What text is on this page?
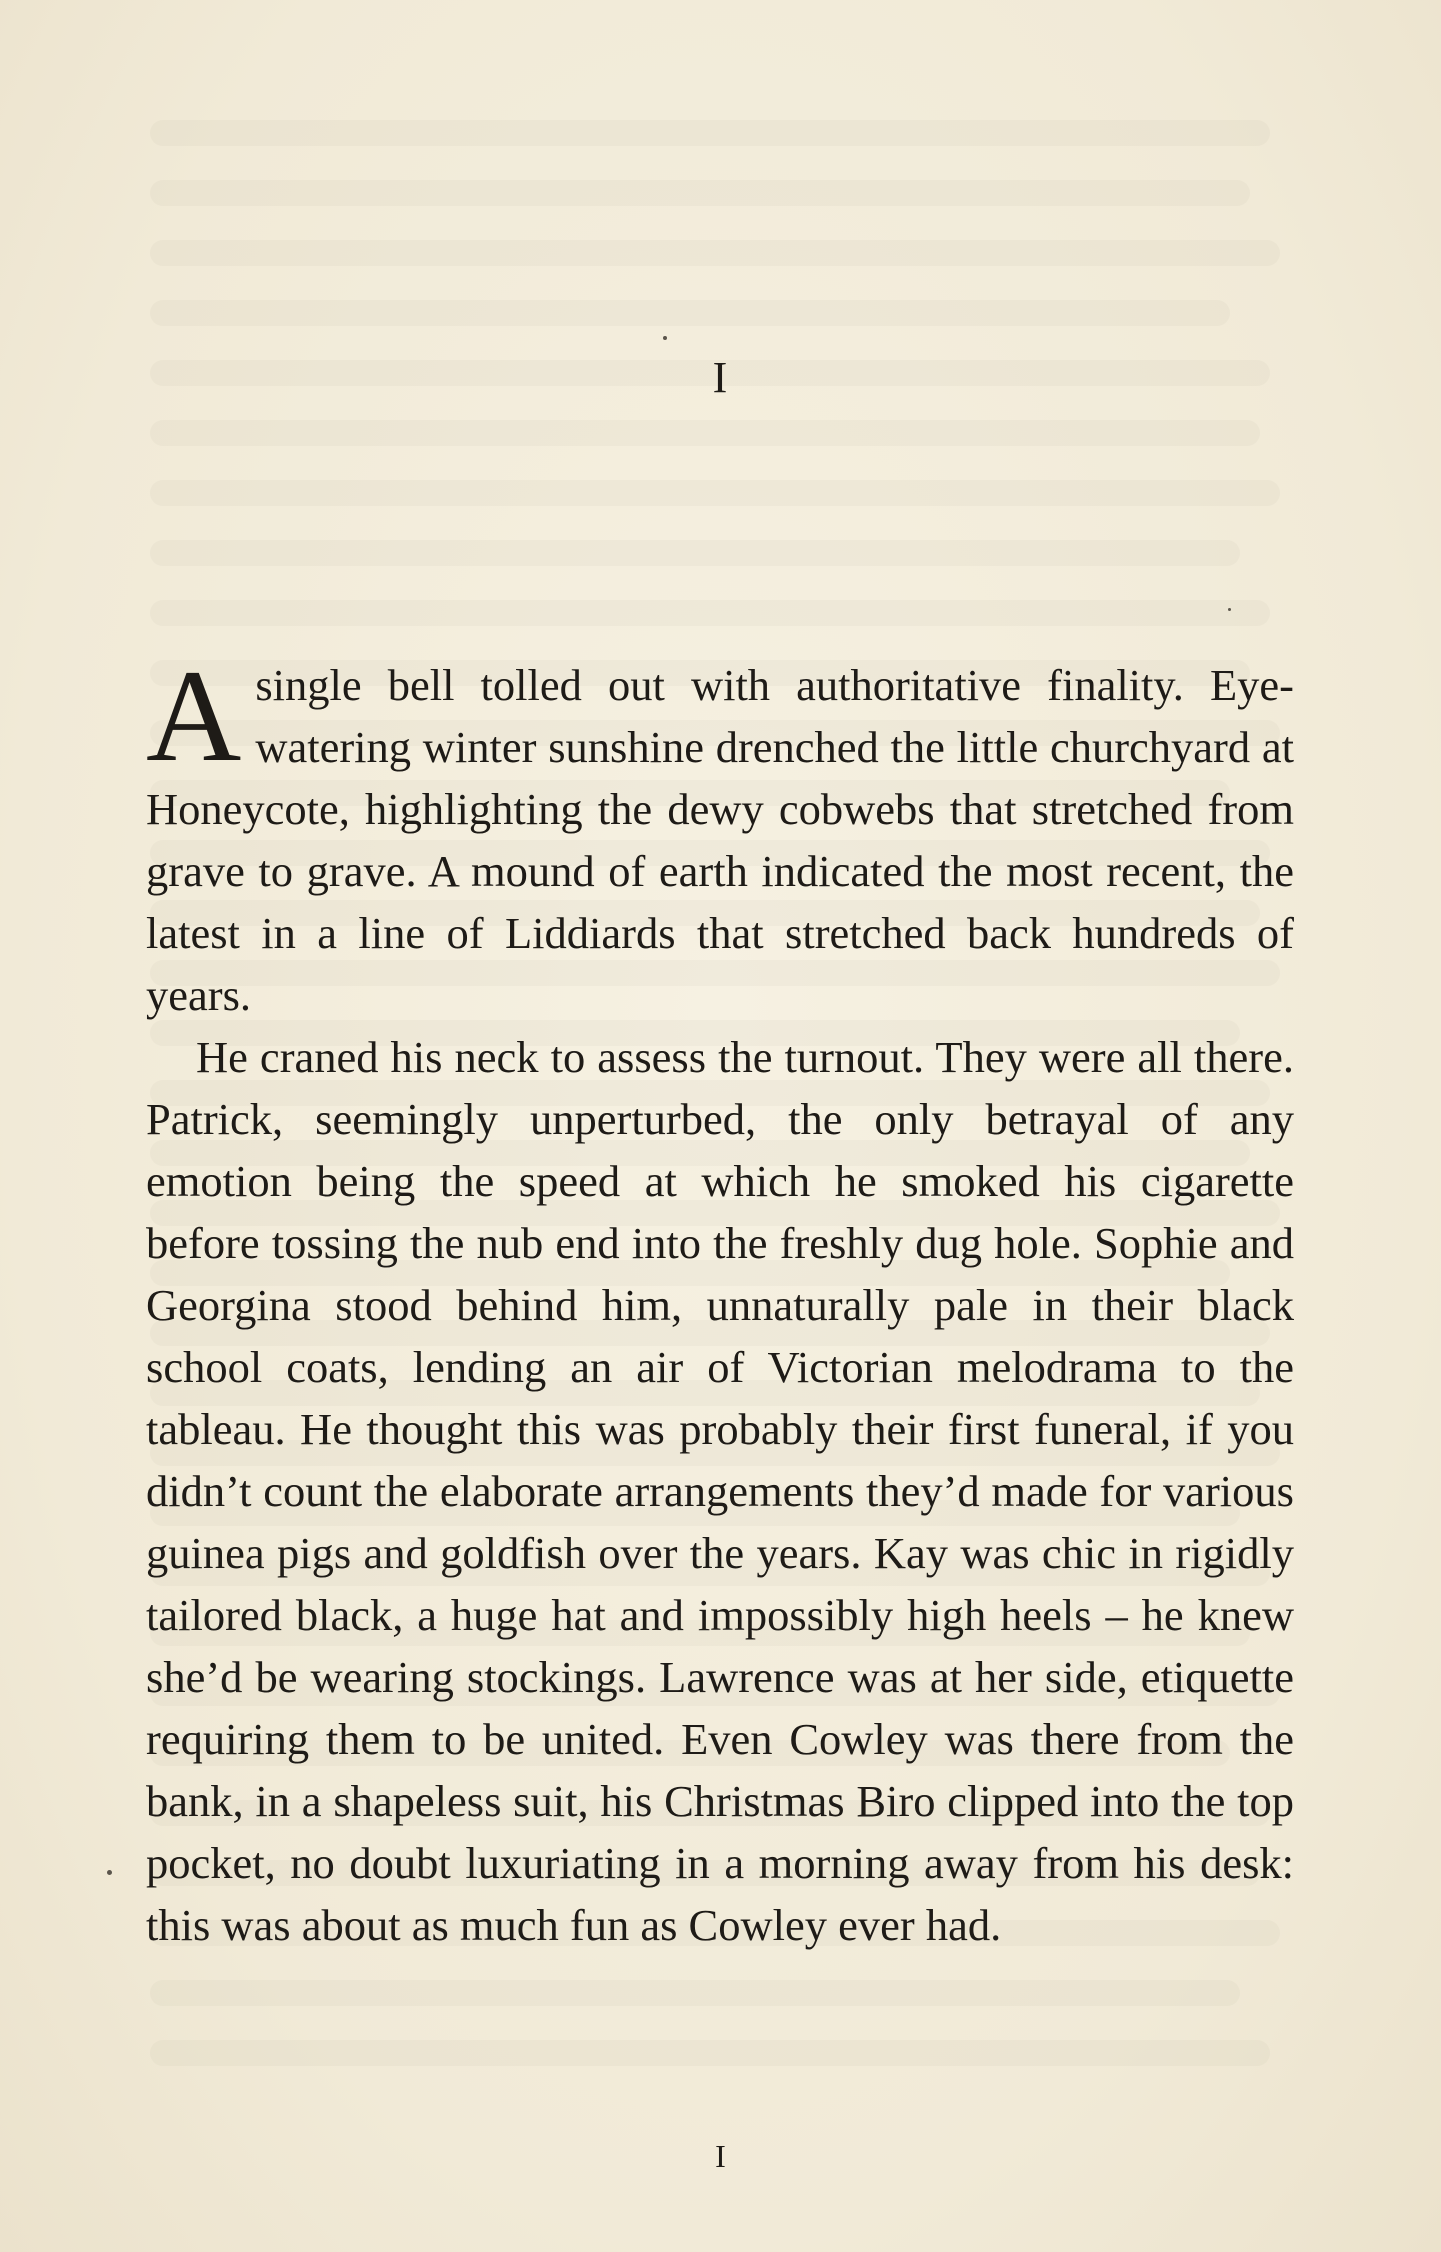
I

Asingle bell tolled out with authoritative finality. Eye-watering winter sunshine drenched the little churchyard at Honeycote, highlighting the dewy cobwebs that stretched from grave to grave. A mound of earth indicated the most recent, the latest in a line of Liddiards that stretched back hundreds of years.

He craned his neck to assess the turnout. They were all there. Patrick, seemingly unperturbed, the only betrayal of any emotion being the speed at which he smoked his cigarette before tossing the nub end into the freshly dug hole. Sophie and Georgina stood behind him, unnaturally pale in their black school coats, lending an air of Victorian melodrama to the tableau. He thought this was probably their first funeral, if you didn’t count the elaborate arrangements they’d made for various guinea pigs and goldfish over the years. Kay was chic in rigidly tailored black, a huge hat and impossibly high heels – he knew she’d be wearing stockings. Lawrence was at her side, etiquette requiring them to be united. Even Cowley was there from the bank, in a shapeless suit, his Christmas Biro clipped into the top pocket, no doubt luxuriating in a morning away from his desk: this was about as much fun as Cowley ever had.

I
